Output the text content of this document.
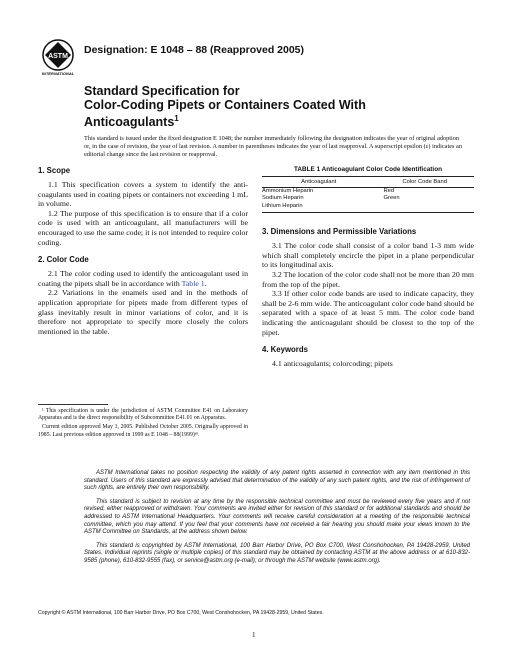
ASTM
INTERNATIONAL
Designation: E 1048 – 88 (Reapproved 2005)
Standard Specification for
Color-Coding Pipets or Containers Coated With
Anticoagulants$^1$
This standard is issued under the fixed designation E 1048; the number immediately following the designation indicates the year of original adoption or, in the case of revision, the year of last revision. A number in parentheses indicates the year of last reapproval. A superscript epsilon (ε) indicates an editorial change since the last revision or reapproval.
1. Scope

1.1 This specification covers a system to identify the anti-coagulants used in coating pipets or containers not exceeding 1 mL in volume.

1.2 The purpose of this specification is to ensure that if a color code is used with an anticoagulant, all manufacturers will be encouraged to use the same code; it is not intended to require color coding.

2. Color Code

2.1 The color coding used to identify the anticoagulant used in coating the pipets shall be in accordance with Table 1.

2.2 Variations in the enamels used and in the methods of application appropriate for pipets made from different types of glass inevitably result in minor variations of color, and it is therefore not appropriate to specify more closely the colors mentioned in the table.

¹ This specification is under the jurisdiction of ASTM Committee E41 on Laboratory Apparatus and is the direct responsibility of Subcommittee E41.01 on Apparatus.

Current edition approved May 1, 2005. Published October 2005. Originally approved in 1985. Last previous edition approved in 1999 as E 1048 – 88(1999)ᵉ¹.

TABLE 1 Anticoagulant Color Code Identification
Anticoagulant	Color Code Band
Ammonium Heparin	Red
Sodium Heparin	Green
Lithium Heparin	
3. Dimensions and Permissible Variations

3.1 The color code shall consist of a color band 1-3 mm wide which shall completely encircle the pipet in a plane perpendicular to its longitudinal axis.

3.2 The location of the color code shall not be more than 20 mm from the top of the pipet.

3.3 If other color code bands are used to indicate capacity, they shall be 2-6 mm wide. The anticoagulant color code band should be separated with a space of at least 5 mm. The color code band indicating the anticoagulant should be closest to the top of the pipet.

4. Keywords

4.1 anticoagulants; colorcoding; pipets

ASTM International takes no position respecting the validity of any patent rights asserted in connection with any item mentioned in this standard. Users of this standard are expressly advised that determination of the validity of any such patent rights, and the risk of infringement of such rights, are entirely their own responsibility.

This standard is subject to revision at any time by the responsible technical committee and must be reviewed every five years and if not revised, either reapproved or withdrawn. Your comments are invited either for revision of this standard or for additional standards and should be addressed to ASTM International Headquarters. Your comments will receive careful consideration at a meeting of the responsible technical committee, which you may attend. If you feel that your comments have not received a fair hearing you should make your views known to the ASTM Committee on Standards, at the address shown below.

This standard is copyrighted by ASTM International, 100 Barr Harbor Drive, PO Box C700, West Conshohocken, PA 19428-2959, United States. Individual reprints (single or multiple copies) of this standard may be obtained by contacting ASTM at the above address or at 610-832-9585 (phone), 610-832-9555 (fax), or service@astm.org (e-mail); or through the ASTM website (www.astm.org).

Copyright © ASTM International, 100 Barr Harbor Drive, PO Box C700, West Conshohocken, PA 19428-2959, United States.
1
